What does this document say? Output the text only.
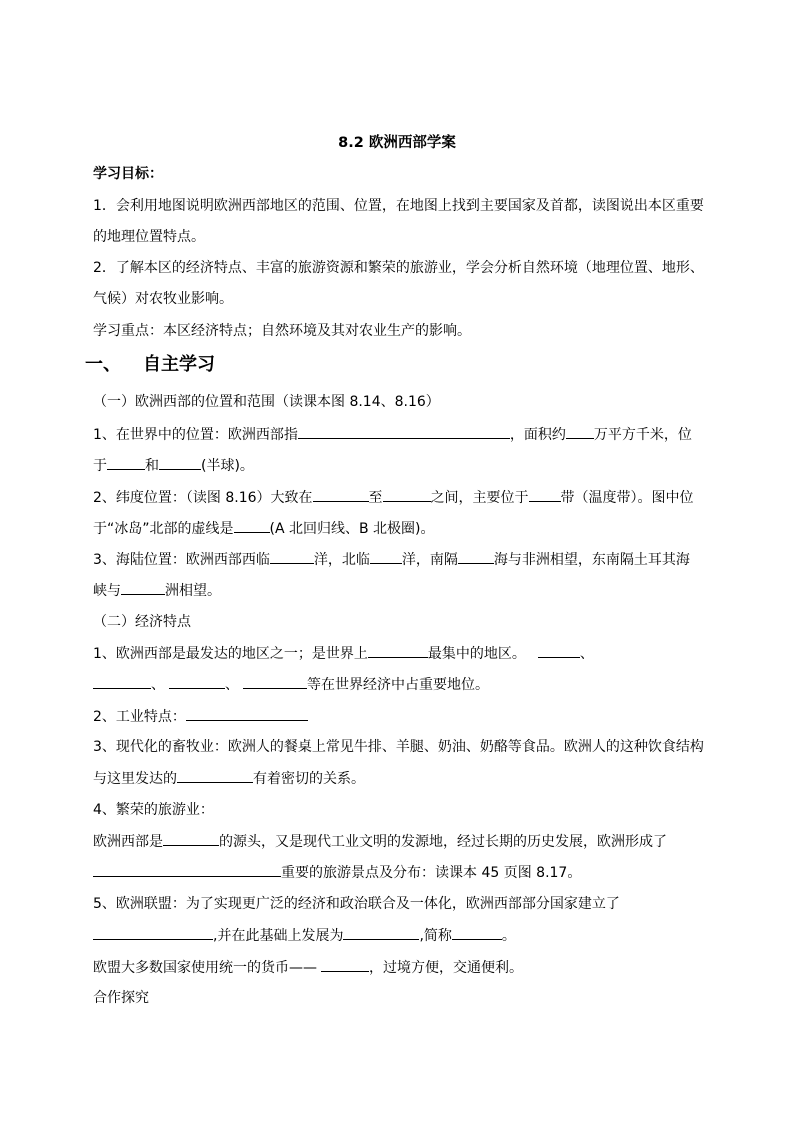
8.2 欧洲西部学案
学习目标：
1．会利用地图说明欧洲西部地区的范围、位置，在地图上找到主要国家及首都，读图说出本区重要
的地理位置特点。
2．了解本区的经济特点、丰富的旅游资源和繁荣的旅游业，学会分析自然环境（地理位置、地形、
气候）对农牧业影响。
学习重点：本区经济特点；自然环境及其对农业生产的影响。
一、 自主学习
（一）欧洲西部的位置和范围（读课本图 8.14、8.16）
1、在世界中的位置：欧洲西部指	，面积约 万平方千米，位
于	和	(半球)。
2、纬度位置：（读图 8.16）大致在	至	之间，主要位于 带（温度带）。图中位
于“冰岛”北部的虚线是	(A 北回归线、B 北极圈)。
3、海陆位置：欧洲西部西临	洋，北临 洋，南隔	海与非洲相望，东南隔土耳其海
峡与	洲相望。
（二）经济特点
1、欧洲西部是最发达的地区之一；是世界上	最集中的地区。	、
、	、	等在世界经济中占重要地位。
2、工业特点：
3、现代化的畜牧业：欧洲人的餐桌上常见牛排、羊腿、奶油、奶酪等食品。欧洲人的这种饮食结构
与这里发达的	有着密切的关系。
4、繁荣的旅游业：
欧洲西部是	的源头，又是现代工业文明的发源地，经过长期的历史发展，欧洲形成了
重要的旅游景点及分布：读课本 45 页图 8.17。
5、欧洲联盟：为了实现更广泛的经济和政治联合及一体化，欧洲西部部分国家建立了
,并在此基础上发展为	,简称	。
欧盟大多数国家使用统一的货币——	，过境方便，交通便利。
合作探究
